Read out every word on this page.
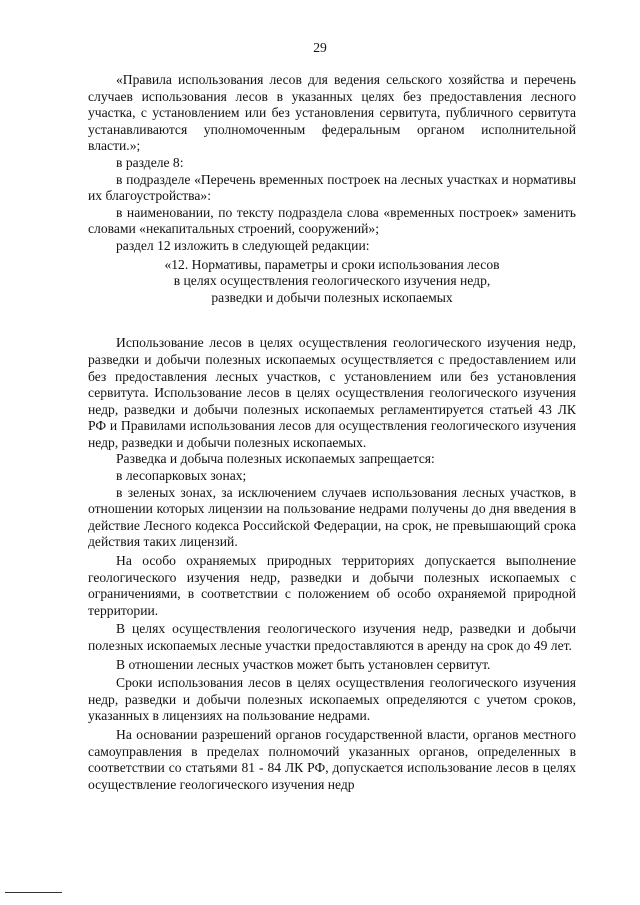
29

«Правила использования лесов для ведения сельского хозяйства и перечень случаев использования лесов в указанных целях без предоставления лесного участка, с установлением или без установления сервитута, публичного сервитута устанавливаются уполномоченным федеральным органом исполнительной власти.»;

в разделе 8:

в подразделе «Перечень временных построек на лесных участках и нормативы их благоустройства»:

в наименовании, по тексту подраздела слова «временных построек» заменить словами «некапитальных строений, сооружений»;

раздел 12 изложить в следующей редакции:

«12. Нормативы, параметры и сроки использования лесов
в целях осуществления геологического изучения недр,
разведки и добычи полезных ископаемых

Использование лесов в целях осуществления геологического изучения недр, разведки и добычи полезных ископаемых осуществляется с предоставлением или без предоставления лесных участков, с установлением или без установления сервитута. Использование лесов в целях осуществления геологического изучения недр, разведки и добычи полезных ископаемых регламентируется статьей 43 ЛК РФ и Правилами использования лесов для осуществления геологического изучения недр, разведки и добычи полезных ископаемых.

Разведка и добыча полезных ископаемых запрещается:

в лесопарковых зонах;

в зеленых зонах, за исключением случаев использования лесных участков, в отношении которых лицензии на пользование недрами получены до дня введения в действие Лесного кодекса Российской Федерации, на срок, не превышающий срока действия таких лицензий.

На особо охраняемых природных территориях допускается выполнение геологического изучения недр, разведки и добычи полезных ископаемых с ограничениями, в соответствии с положением об особо охраняемой природной территории.

В целях осуществления геологического изучения недр, разведки и добычи полезных ископаемых лесные участки предоставляются в аренду на срок до 49 лет.

В отношении лесных участков может быть установлен сервитут.

Сроки использования лесов в целях осуществления геологического изучения недр, разведки и добычи полезных ископаемых определяются с учетом сроков, указанных в лицензиях на пользование недрами.

На основании разрешений органов государственной власти, органов местного самоуправления в пределах полномочий указанных органов, определенных в соответствии со статьями 81 - 84 ЛК РФ, допускается использование лесов в целях осуществление геологического изучения недр
